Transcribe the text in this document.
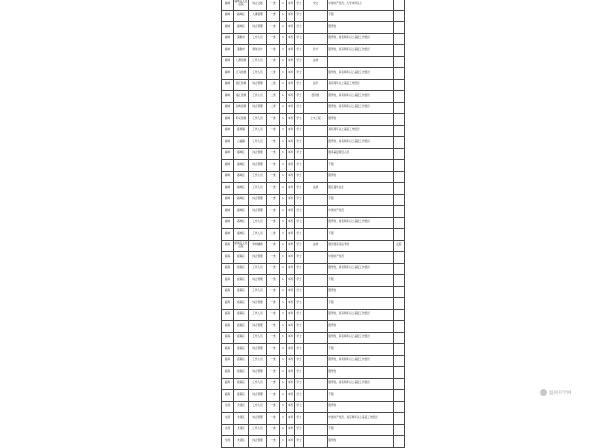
鹿城	鹿城区人民法院	综合文秘	一类	1	本科	学士	中文	中国共产党员，大学本科以上	
鹿城	鹿城区	人事管理	一类	1	本科	学士		不限	
鹿城	鹿城区	综合管理	一类	1	本科	学士		限男性	
鹿城	蒲鞋市	工作人员	一类	1	本科	学士		限男性，具有两年以上基层工作经历	
鹿城	蒲鞋市	财务会计	一类	1	本科	学士	会计	限男性，具有两年以上基层工作经历	
鹿城	七都街道	工作人员	一类	1	本科	学士	法律		
鹿城	五马街道	工作人员	二类	1	本科	学士		限男性，具有两年以上基层工作经历	
鹿城	滨江街道	综合管理	二类	1	本科	学士	法学	具有两年以上基层工作经历	
鹿城	南汇街道	工作人员	二类	1	本科	学士	经济类	限男性，具有两年以上基层工作经历	
鹿城	双屿街道	综合管理	二类	1	本科	学士		限男性，具有两年以上基层工作经历	
鹿城	仰义街道	工作人员	一类	1	本科	学士	土木工程	限男性	
鹿城	藤桥镇	工作人员	一类	1	本科	学士		具有两年以上基层工作经历	
鹿城	山福镇	工作人员	一类	1	本科	学士		限男性，具有两年以上基层工作经历	
鹿城	鹿城区	综合管理	一类	1	本科	学士		服务基层项目人员	
鹿城	鹿城区	综合管理	一类	1	本科	学士		不限	
鹿城	鹿城区	工作人员	一类	1	本科	学士		限男性	
鹿城	鹿城区	工作人员	一类	1	本科	学士	法律	限应届毕业生	
鹿城	鹿城区	综合管理	一类	1	本科	学士		不限	
鹿城	鹿城区	综合管理	一类	1	本科	学士		中国共产党员	
鹿城	鹿城区	工作人员	一类	1	本科	学士		限男性，具有两年以上基层工作经历	
鹿城	鹿城区	工作人员	二类	1	本科	学士		不限	
瓯海	瓯海区人民法院	审判辅助	一类	1	本科	学士	法律	通过国家司法考试	法院
瓯海	瓯海区	综合管理	一类	1	本科	学士		中国共产党员	
瓯海	瓯海区	工作人员	一类	1	本科	学士		限男性，具有两年以上基层工作经历	
瓯海	瓯海区	综合管理	一类	1	本科	学士		不限	
瓯海	瓯海区	工作人员	一类	1	本科	学士		限男性	
瓯海	瓯海区	综合管理	一类	1	本科	学士		不限	
瓯海	瓯海区	工作人员	一类	1	本科	学士		限男性，具有两年以上基层工作经历	
瓯海	瓯海区	综合管理	一类	1	本科	学士		限男性	
瓯海	瓯海区	工作人员	一类	1	本科	学士		限男性，具有两年以上基层工作经历	
瓯海	瓯海区	综合管理	一类	1	本科	学士		不限	
瓯海	瓯海区	工作人员	一类	1	本科	学士		限男性，具有两年以上基层工作经历	
瓯海	瓯海区	综合管理	一类	1	本科	学士		限男性	
瓯海	瓯海区	工作人员	一类	1	本科	学士		限男性，具有两年以上基层工作经历	
瓯海	瓯海区	综合管理	一类	1	本科	学士		不限	
龙湾	龙湾区	工作人员	一类	1	本科	学士		限男性	
龙湾	龙湾区	综合管理	一类	1	本科	学士		中国共产党员，具有两年以上基层工作经历	
龙湾	龙湾区	工作人员	一类	1	本科	学士		不限	
龙湾	龙湾区	综合管理	一类	1	本科	学士		限男性	
温州升学网
